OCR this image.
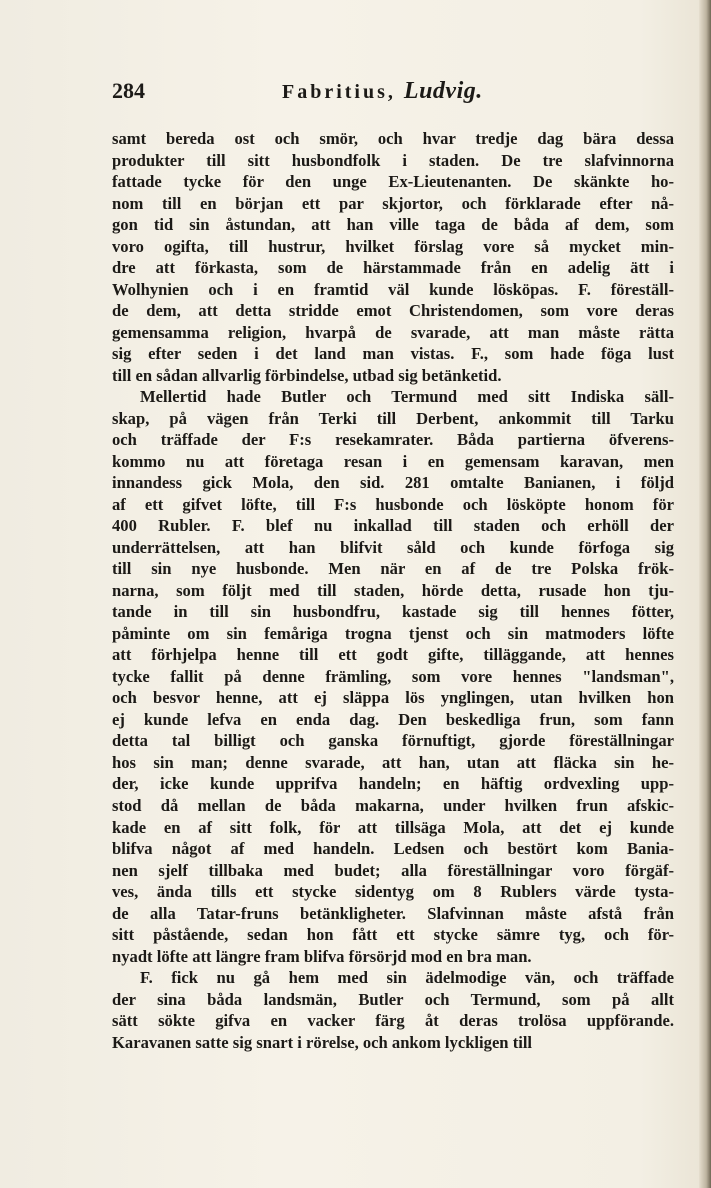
284	Fabritius, Ludvig.
samt bereda ost och smör, och hvar tredje dag bära dessa
produkter till sitt husbondfolk i staden. De tre slafvinnorna
fattade tycke för den unge Ex-Lieutenanten. De skänkte ho-
nom till en början ett par skjortor, och förklarade efter nå-
gon tid sin åstundan, att han ville taga de båda af dem, som
voro ogifta, till hustrur, hvilket förslag vore så mycket min-
dre att förkasta, som de härstammade från en adelig ätt i
Wolhynien och i en framtid väl kunde lösköpas. F. föreställ-
de dem, att detta stridde emot Christendomen, som vore deras
gemensamma religion, hvarpå de svarade, att man måste rätta
sig efter seden i det land man vistas. F., som hade föga lust
till en sådan allvarlig förbindelse, utbad sig betänketid.
Mellertid hade Butler och Termund med sitt Indiska säll-
skap, på vägen från Terki till Derbent, ankommit till Tarku
och träffade der F:s resekamrater. Båda partierna öfverens-
kommo nu att företaga resan i en gemensam karavan, men
innandess gick Mola, den sid. 281 omtalte Banianen, i följd
af ett gifvet löfte, till F:s husbonde och lösköpte honom för
400 Rubler. F. blef nu inkallad till staden och erhöll der
underrättelsen, att han blifvit såld och kunde förfoga sig
till sin nye husbonde. Men när en af de tre Polska frök-
narna, som följt med till staden, hörde detta, rusade hon tju-
tande in till sin husbondfru, kastade sig till hennes fötter,
påminte om sin femåriga trogna tjenst och sin matmoders löfte
att förhjelpa henne till ett godt gifte, tilläggande, att hennes
tycke fallit på denne främling, som vore hennes "landsman",
och besvor henne, att ej släppa lös ynglingen, utan hvilken hon
ej kunde lefva en enda dag. Den beskedliga frun, som fann
detta tal billigt och ganska förnuftigt, gjorde föreställningar
hos sin man; denne svarade, att han, utan att fläcka sin he-
der, icke kunde upprifva handeln; en häftig ordvexling upp-
stod då mellan de båda makarna, under hvilken frun afskic-
kade en af sitt folk, för att tillsäga Mola, att det ej kunde
blifva något af med handeln. Ledsen och bestört kom Bania-
nen sjelf tillbaka med budet; alla föreställningar voro förgäf-
ves, ända tills ett stycke sidentyg om 8 Rublers värde tysta-
de alla Tatar-fruns betänkligheter. Slafvinnan måste afstå från
sitt påstående, sedan hon fått ett stycke sämre tyg, och för-
nyadt löfte att längre fram blifva försörjd mod en bra man.
F. fick nu gå hem med sin ädelmodige vän, och träffade
der sina båda landsmän, Butler och Termund, som på allt
sätt sökte gifva en vacker färg åt deras trolösa uppförande.
Karavanen satte sig snart i rörelse, och ankom lyckligen till
